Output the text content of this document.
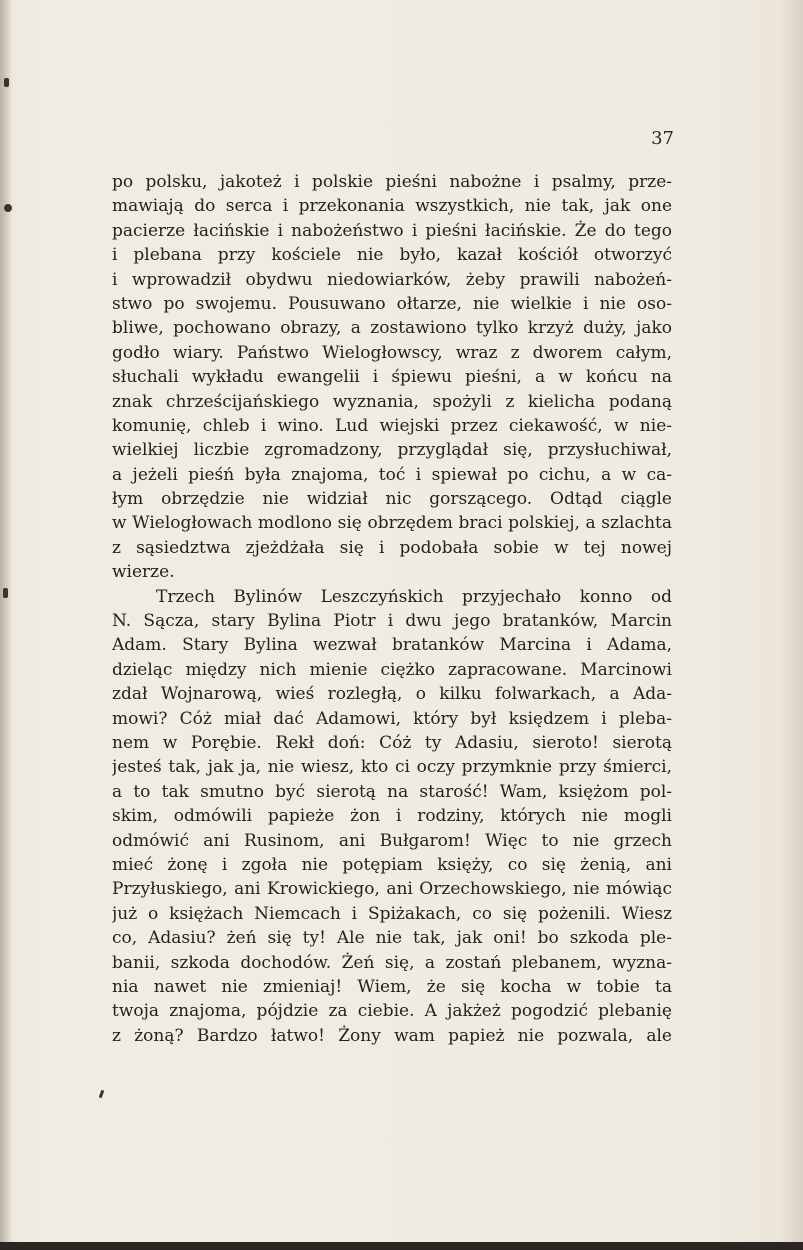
37
po polsku, jakoteż i polskie pieśni nabożne i psalmy, prze-
mawiają do serca i przekonania wszystkich, nie tak, jak one
pacierze łacińskie i nabożeństwo i pieśni łacińskie. Że do tego
i plebana przy kościele nie było, kazał kościół otworzyć
i wprowadził obydwu niedowiarków, żeby prawili nabożeń-
stwo po swojemu. Pousuwano ołtarze, nie wielkie i nie oso-
bliwe, pochowano obrazy, a zostawiono tylko krzyż duży, jako
godło wiary. Państwo Wielogłowscy, wraz z dworem całym,
słuchali wykładu ewangelii i śpiewu pieśni, a w końcu na
znak chrześcijańskiego wyznania, spożyli z kielicha podaną
komunię, chleb i wino. Lud wiejski przez ciekawość, w nie-
wielkiej liczbie zgromadzony, przyglądał się, przysłuchiwał,
a jeżeli pieśń była znajoma, toć i spiewał po cichu, a w ca-
łym obrzędzie nie widział nic gorszącego. Odtąd ciągle
w Wielogłowach modlono się obrzędem braci polskiej, a szlachta
z sąsiedztwa zjeżdżała się i podobała sobie w tej nowej
wierze.
Trzech Bylinów Leszczyńskich przyjechało konno od
N. Sącza, stary Bylina Piotr i dwu jego bratanków, Marcin
Adam. Stary Bylina wezwał bratanków Marcina i Adama,
dzieląc między nich mienie ciężko zapracowane. Marcinowi
zdał Wojnarową, wieś rozległą, o kilku folwarkach, a Ada-
mowi? Cóż miał dać Adamowi, który był księdzem i pleba-
nem w Porębie. Rekł doń: Cóż ty Adasiu, sieroto! sierotą
jesteś tak, jak ja, nie wiesz, kto ci oczy przymknie przy śmierci,
a to tak smutno być sierotą na starość! Wam, księżom pol-
skim, odmówili papieże żon i rodziny, których nie mogli
odmówić ani Rusinom, ani Bułgarom! Więc to nie grzech
mieć żonę i zgoła nie potępiam księży, co się żenią, ani
Przyłuskiego, ani Krowickiego, ani Orzechowskiego, nie mówiąc
już o księżach Niemcach i Spiżakach, co się pożenili. Wiesz
co, Adasiu? żeń się ty! Ale nie tak, jak oni! bo szkoda ple-
banii, szkoda dochodów. Żeń się, a zostań plebanem, wyzna-
nia nawet nie zmieniaj! Wiem, że się kocha w tobie ta
twoja znajoma, pójdzie za ciebie. A jakżeż pogodzić plebanię
z żoną? Bardzo łatwo! Żony wam papież nie pozwala, ale
